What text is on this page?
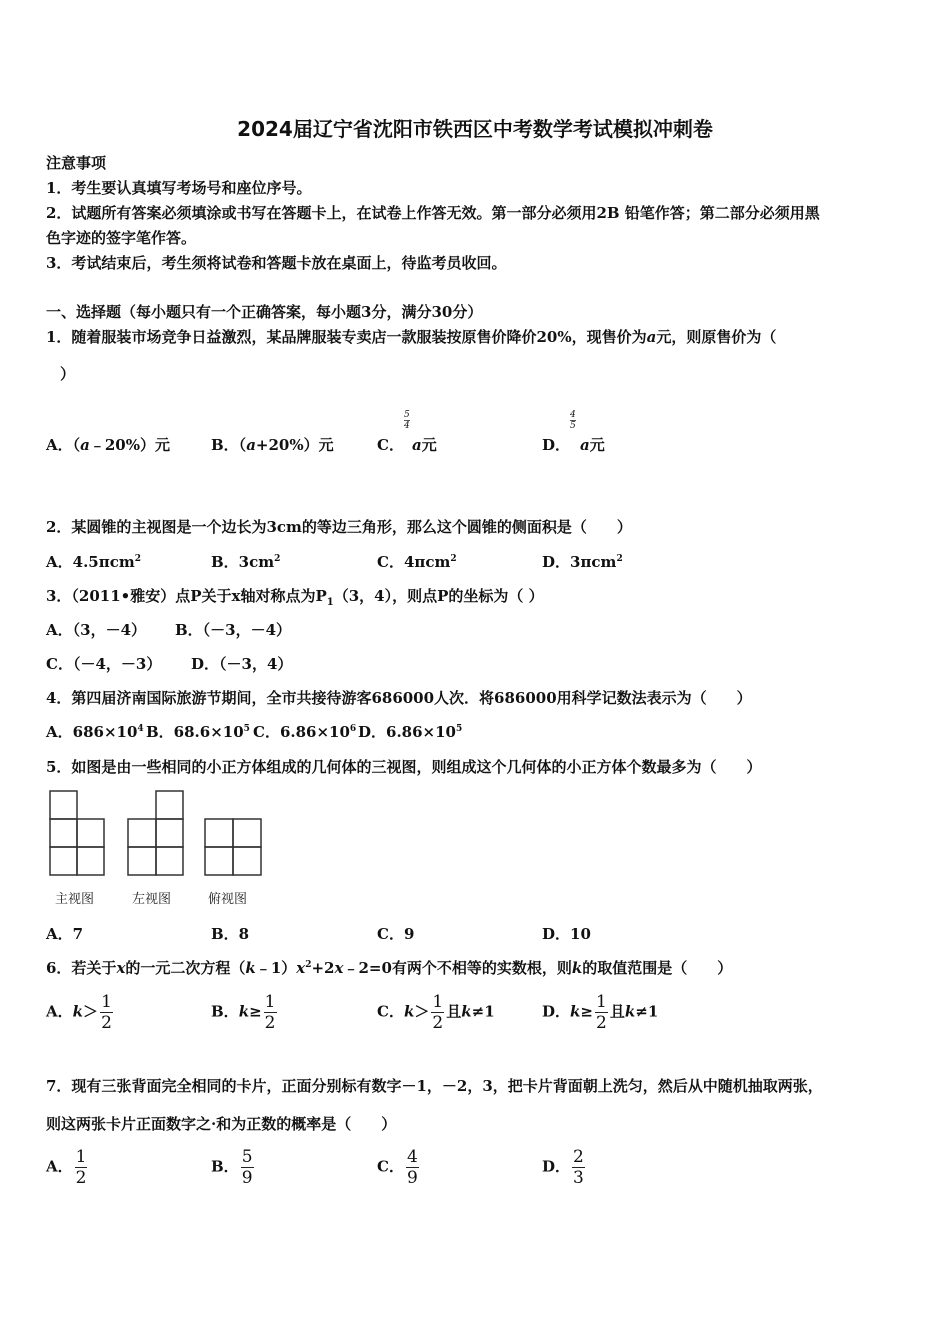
2024届辽宁省沈阳市铁西区中考数学考试模拟冲刺卷
注意事项
1．考生要认真填写考场号和座位序号。
2．试题所有答案必须填涂或书写在答题卡上，在试卷上作答无效。第一部分必须用2B 铅笔作答；第二部分必须用黑
色字迹的签字笔作答。
3．考试结束后，考生须将试卷和答题卡放在桌面上，待监考员收回。
一、选择题（每小题只有一个正确答案，每小题3分，满分30分）
1．随着服装市场竞争日益激烈，某品牌服装专卖店一款服装按原售价降价20%，现售价为a元，则原售价为（
）
A．（a﹣20%）元	B．（a+20%）元	C．
$\frac{5}{4}$
a元	D．
$\frac{4}{5}$
a元
2．某圆锥的主视图是一个边长为3cm的等边三角形，那么这个圆锥的侧面积是（　　）
A．4.5πcm$^2$	B．$3cm^2$	C．4πcm$^2$	D．3πcm$^2$
3．（2011•雅安）点P关于x轴对称点为$P_1(3$，4），则点P的坐标为（ ）
A．（3，－4） B．（－3，－4）
C．（－4，－3） D．（－3，4）
4．第四届济南国际旅游节期间，全市共接待游客686000人次．将686000用科学记数法表示为（　　）
A．$686\times 10^4$ B．$68.6\times 10^5$ C．$6.86\times 10^6$ D．$6.86\times 10^5$
5．如图是由一些相同的小正方体组成的几何体的三视图，则组成这个几何体的小正方体个数最多为（　　）
主视图	左视图	俯视图
A．7	B．8	C．9	D．10
6．若关于x的一元二次方程$(k﹣1)x^2+2x﹣2=0$有两个不相等的实数根，则k的取值范围是（　　）
A．$k> \frac{1}{2}$	B．$k\ge \frac{1}{2}$	C．$k> \frac{1}{2}$ 且k≠1	D．$k\ge \frac{1}{2}$ 且k≠1
7．现有三张背面完全相同的卡片，正面分别标有数字－1，－2，3，把卡片背面朝上洗匀，然后从中随机抽取两张，
则这两张卡片正面数字之·和为正数的概率是（　　）
A． $\frac{1}{2}$	B． $\frac{5}{9}$	C． $\frac{4}{9}$	D． $\frac{2}{3}$
